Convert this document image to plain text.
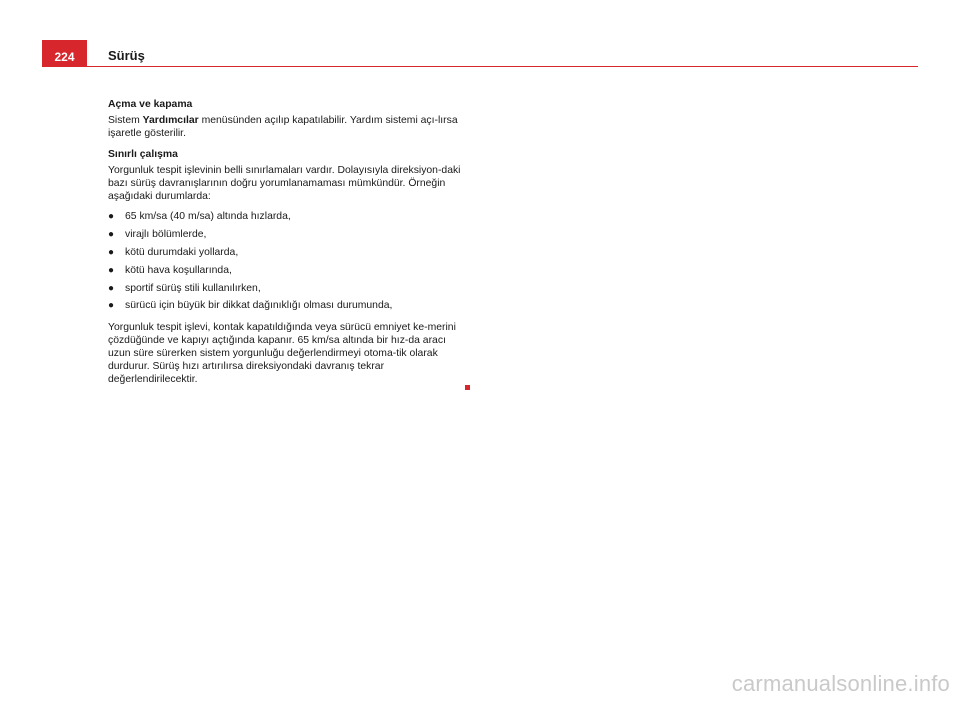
224	Sürüş
Açma ve kapama

Sistem Yardımcılar menüsünden açılıp kapatılabilir. Yardım sistemi açı-lırsa işaretle gösterilir.

Sınırlı çalışma

Yorgunluk tespit işlevinin belli sınırlamaları vardır. Dolayısıyla direksiyon-daki bazı sürüş davranışlarının doğru yorumlanamaması mümkündür. Örneğin aşağıdaki durumlarda:

● 65 km/sa (40 m/sa) altında hızlarda,
● virajlı bölümlerde,
● kötü durumdaki yollarda,
● kötü hava koşullarında,
● sportif sürüş stili kullanılırken,
● sürücü için büyük bir dikkat dağınıklığı olması durumunda,

Yorgunluk tespit işlevi, kontak kapatıldığında veya sürücü emniyet ke-merini çözdüğünde ve kapıyı açtığında kapanır. 65 km/sa altında bir hız-da aracı uzun süre sürerken sistem yorgunluğu değerlendirmeyi otoma-tik olarak durdurur. Sürüş hızı artırılırsa direksiyondaki davranış tekrar değerlendirilecektir.

carmanualsonline.info
